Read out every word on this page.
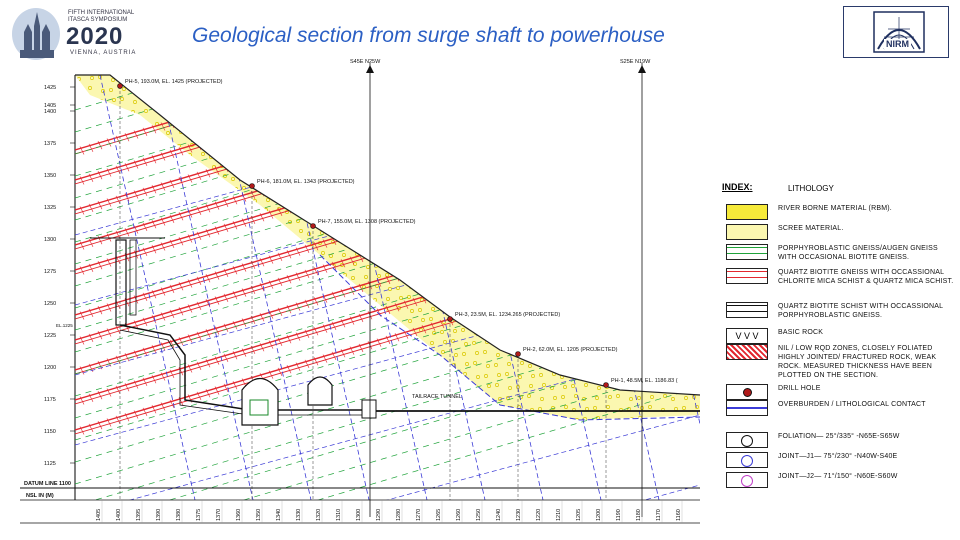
FIFTH INTERNATIONAL
ITASCA SYMPOSIUM
2020
VIENNA, AUSTRIA
Geological section from surge shaft to powerhouse	NIRM
1425
1405
1400
1375
1350
1325
1300
1275
1250
1225
1200
1175
1150
1125
EL.1225
PH-5, 193.0M, EL. 1425 (PROJECTED)
PH-6, 181.0M, EL. 1343 (PROJECTED)
PH-7, 155.0M, EL. 1308 (PROJECTED)
PH-3, 23.5M, EL. 1234.265 (PROJECTED)
PH-2, 62.0M, EL. 1205 (PROJECTED)
PH-1, 48.5M, EL. 1186.83 (
TAILRACE TUNNEL
S45E N25W	S25E N19W
DATUM LINE 1100
NSL IN (M)
1405	1400	1395	1390	1380	1375	1370	1360	1350	1340	1330	1320	1310	1300	1290	1280	1270	1265	1260	1250	1240	1230	1220	1210	1205	1200	1190	1180	1170	1160
INDEX:	LITHOLOGY
RIVER BORNE MATERIAL (RBM).
SCREE MATERIAL.
PORPHYROBLASTIC GNEISS/AUGEN GNEISS WITH OCCASIONAL BIOTITE GNEISS.
QUARTZ BIOTITE GNEISS WITH OCCASSIONAL CHLORITE MICA SCHIST & QUARTZ MICA SCHIST.
QUARTZ BIOTITE SCHIST WITH OCCASSIONAL PORPHYROBLASTIC GNEISS.
V V V	BASIC ROCK
NIL / LOW RQD ZONES, CLOSELY FOLIATED HIGHLY JOINTED/ FRACTURED ROCK, WEAK ROCK. MEASURED THICKNESS HAVE BEEN PLOTTED ON THE SECTION.
DRILL HOLE
OVERBURDEN / LITHOLOGICAL CONTACT
FOLIATION— 25°/335° -N65E-S65W
JOINT—J1— 75°/230° -N40W-S40E
JOINT—J2— 71°/150° -N60E-S60W
